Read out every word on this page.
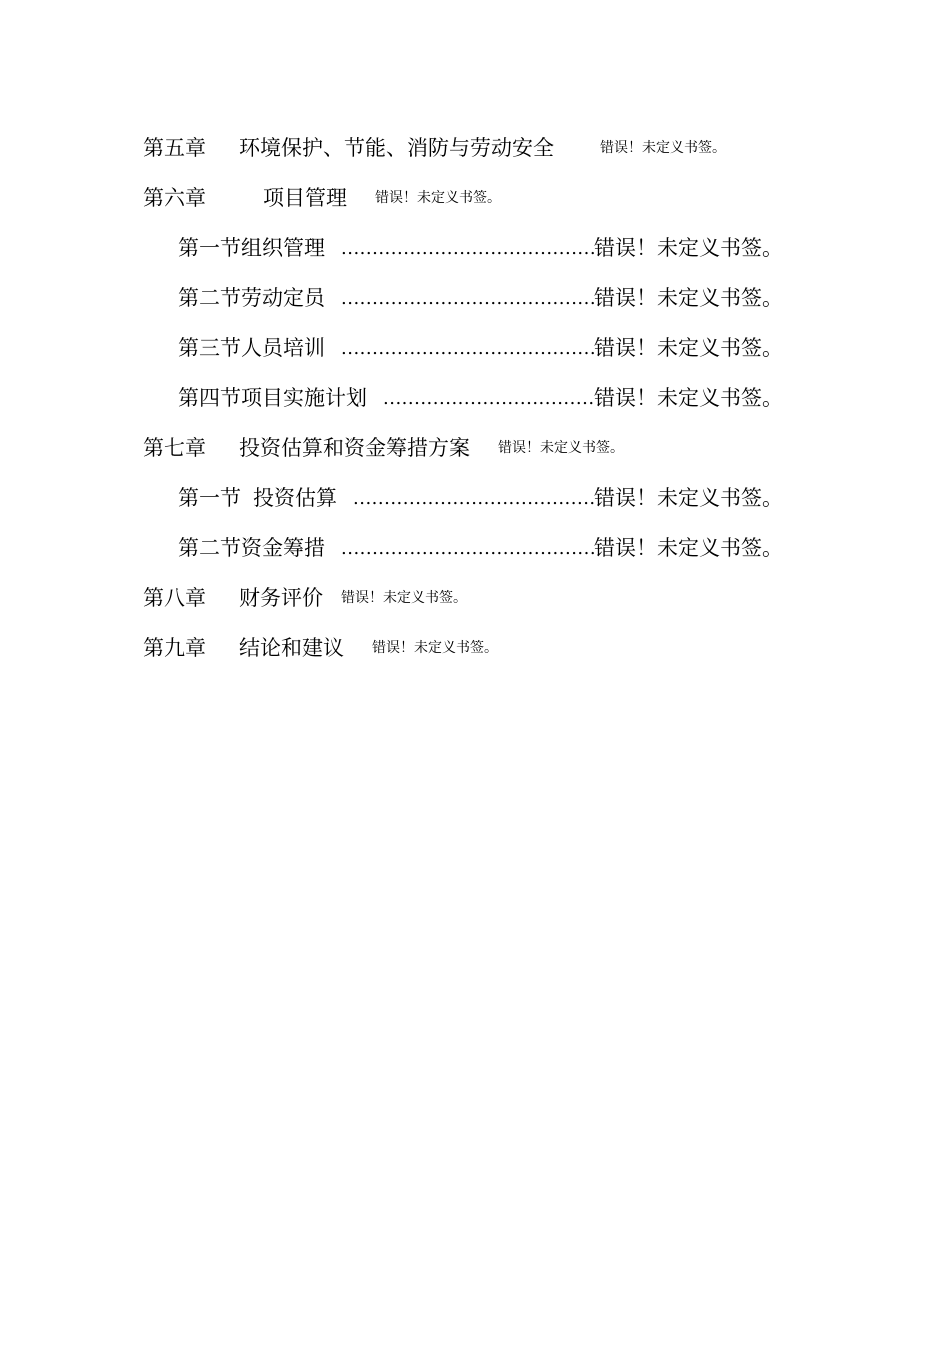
第五章	环境保护、节能、消防与劳动安全	错误！未定义书签。
第六章	项目管理 错误！未定义书签。
第一节 组织管理 .....	错误！未定义书签。
第二节 劳动定员 .....	错误！未定义书签。
第三节 人员培训 .....	错误！未定义书签。
第四节 项目实施计划 .....	错误！未定义书签。
第七章	投资估算和资金筹措方案 错误！未定义书签。
第一节 投资估算 .....	错误！未定义书签。
第二节 资金筹措 .....	错误！未定义书签。
第八章	财务评价 错误！未定义书签。
第九章	结论和建议 错误！未定义书签。
